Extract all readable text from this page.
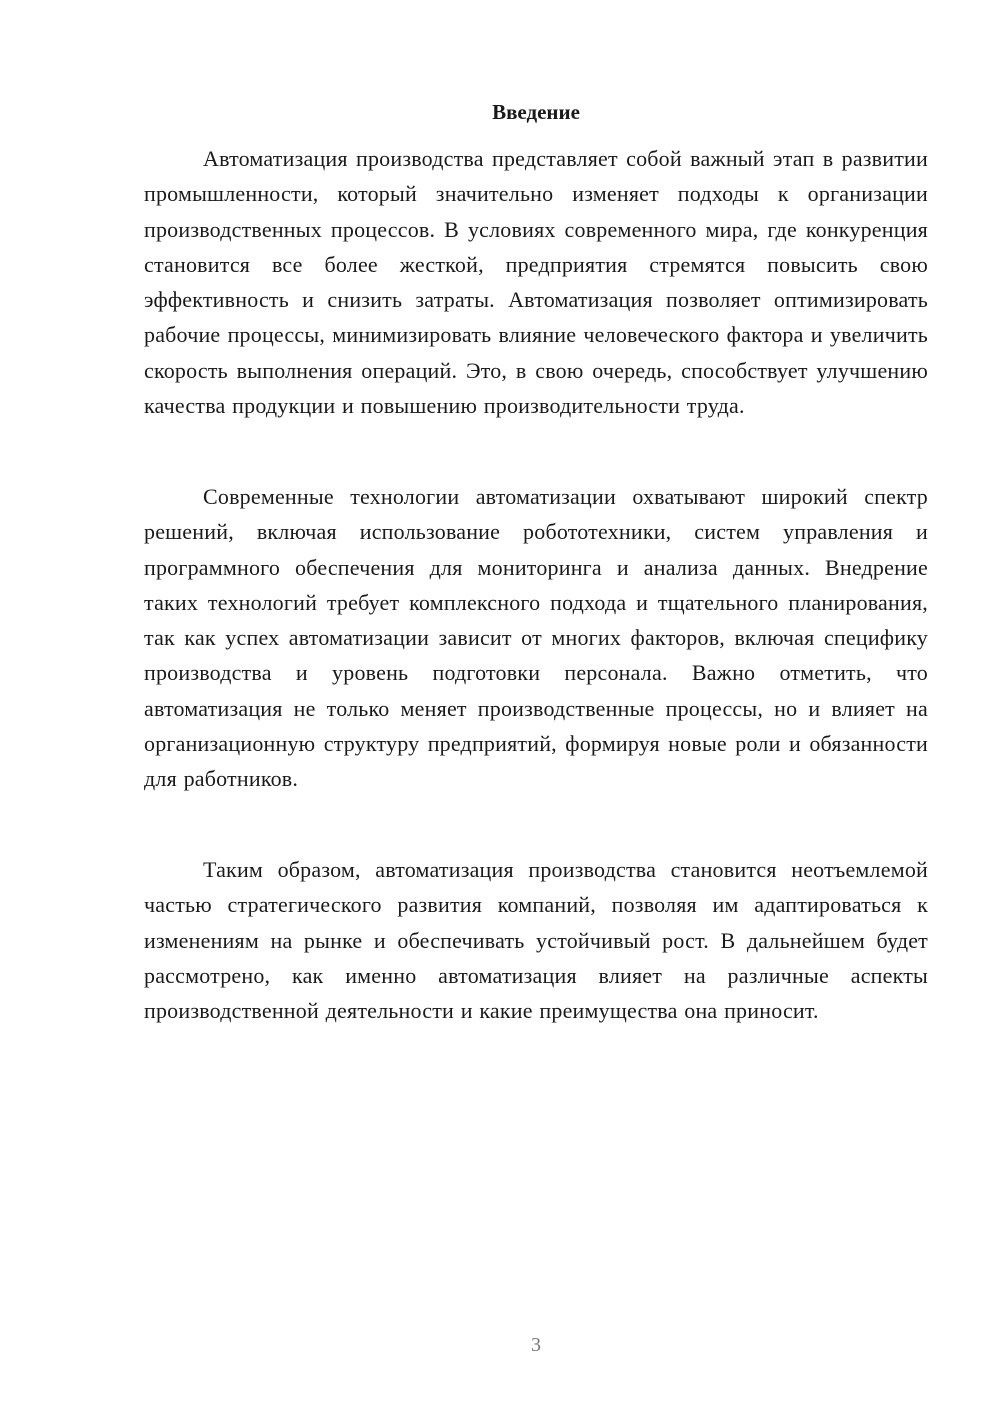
Введение

Автоматизация производства представляет собой важный этап в развитии промышленности, который значительно изменяет подходы к организации производственных процессов. В условиях современного мира, где конкуренция становится все более жесткой, предприятия стремятся повысить свою эффективность и снизить затраты. Автоматизация позволяет оптимизировать рабочие процессы, минимизировать влияние человеческого фактора и увеличить скорость выполнения операций. Это, в свою очередь, способствует улучшению качества продукции и повышению производительности труда.

Современные технологии автоматизации охватывают широкий спектр решений, включая использование робототехники, систем управления и программного обеспечения для мониторинга и анализа данных. Внедрение таких технологий требует комплексного подхода и тщательного планирования, так как успех автоматизации зависит от многих факторов, включая специфику производства и уровень подготовки персонала. Важно отметить, что автоматизация не только меняет производственные процессы, но и влияет на организационную структуру предприятий, формируя новые роли и обязанности для работников.

Таким образом, автоматизация производства становится неотъемлемой частью стратегического развития компаний, позволяя им адаптироваться к изменениям на рынке и обеспечивать устойчивый рост. В дальнейшем будет рассмотрено, как именно автоматизация влияет на различные аспекты производственной деятельности и какие преимущества она приносит.

3
